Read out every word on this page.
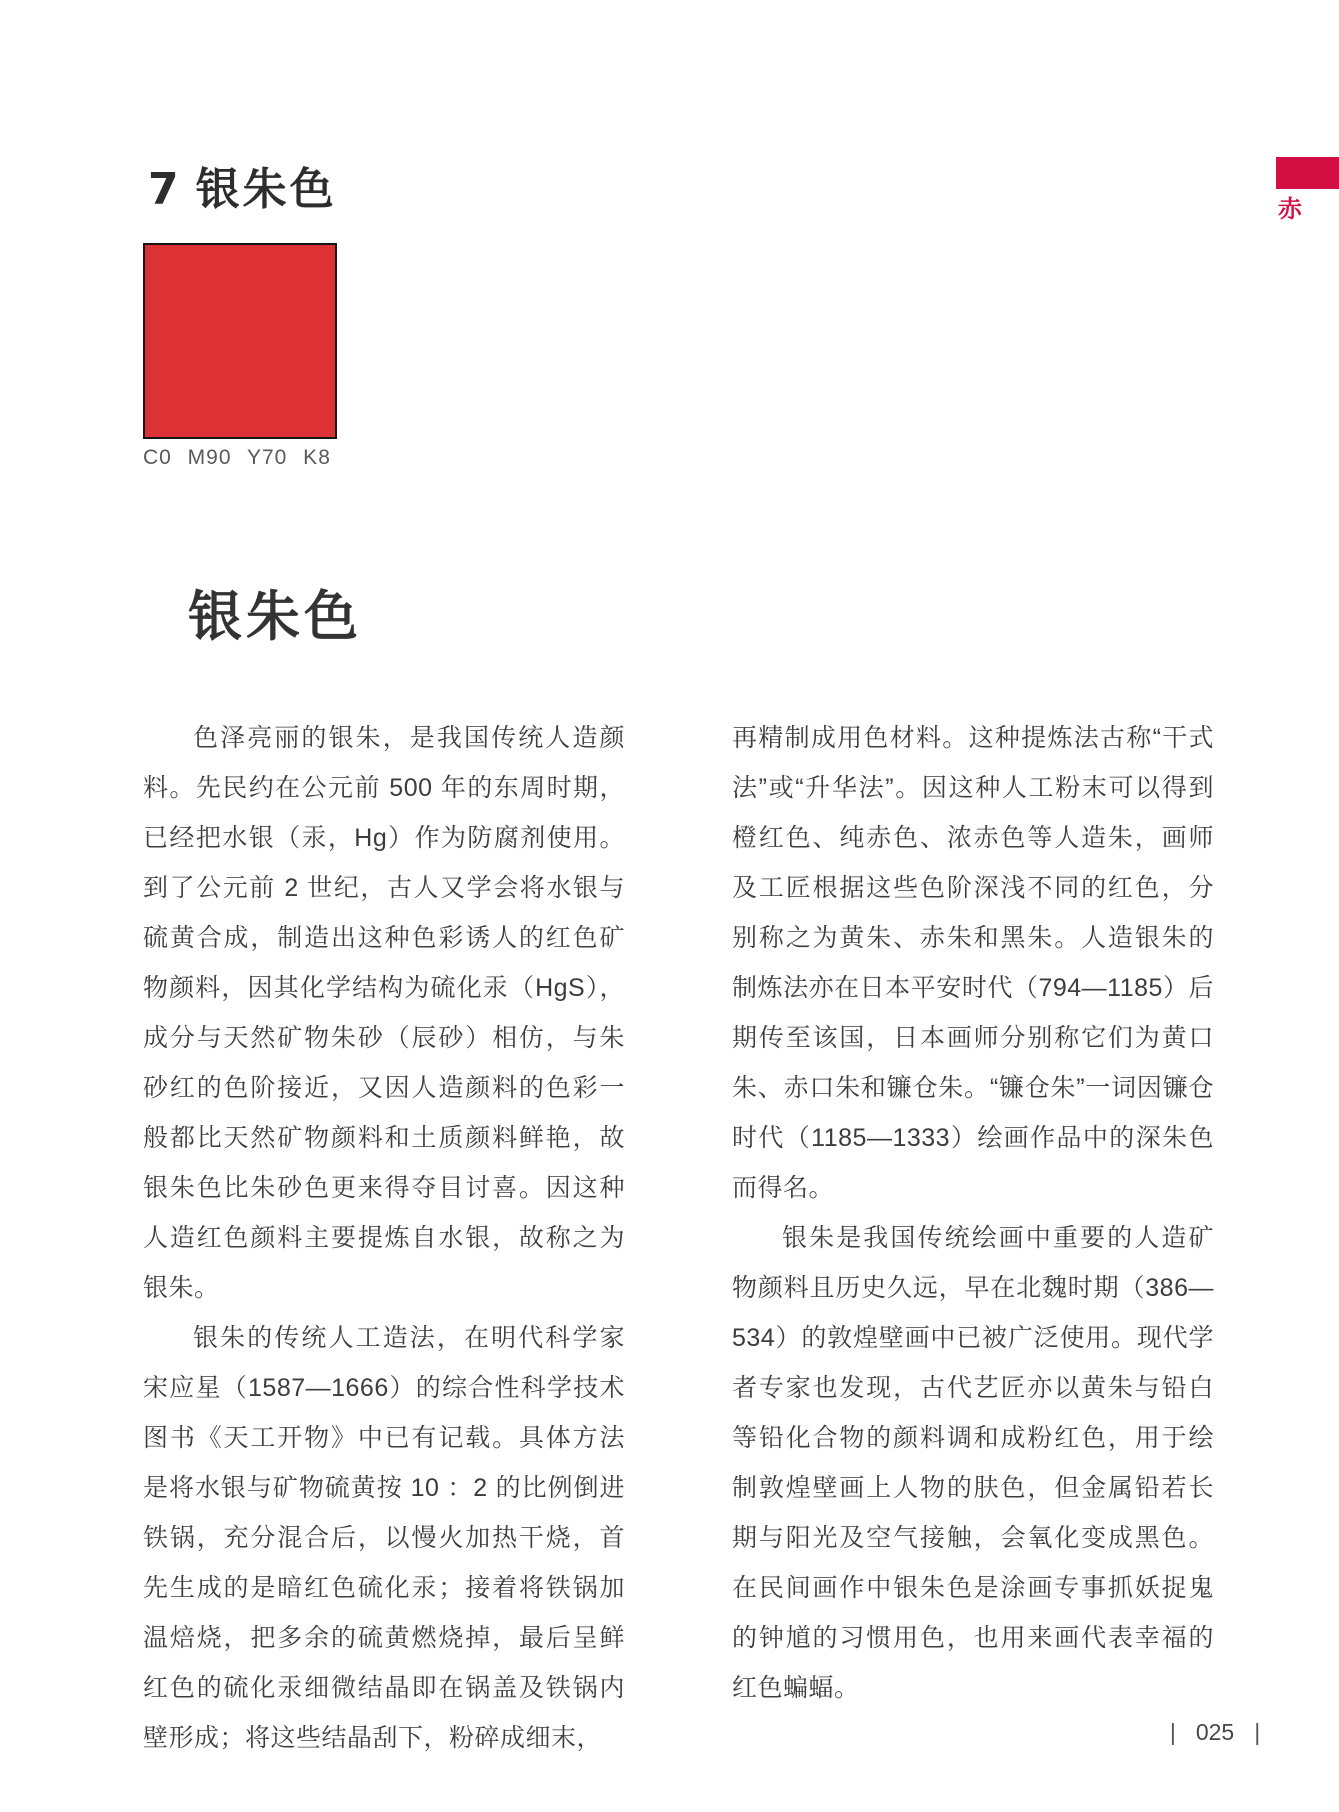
7 银朱色	赤
C0 M90 Y70 K8
银朱色

色泽亮丽的银朱，是我国传统人造颜料。先民约在公元前 500 年的东周时期，已经把水银（汞，Hg）作为防腐剂使用。到了公元前 2 世纪，古人又学会将水银与硫黄合成，制造出这种色彩诱人的红色矿物颜料，因其化学结构为硫化汞（HgS），成分与天然矿物朱砂（辰砂）相仿，与朱砂红的色阶接近，又因人造颜料的色彩一般都比天然矿物颜料和土质颜料鲜艳，故银朱色比朱砂色更来得夺目讨喜。因这种人造红色颜料主要提炼自水银，故称之为银朱。

银朱的传统人工造法，在明代科学家宋应星（1587—1666）的综合性科学技术图书《天工开物》中已有记载。具体方法是将水银与矿物硫黄按 10 ：2 的比例倒进铁锅，充分混合后，以慢火加热干烧，首先生成的是暗红色硫化汞；接着将铁锅加温焙烧，把多余的硫黄燃烧掉，最后呈鲜红色的硫化汞细微结晶即在锅盖及铁锅内壁形成；将这些结晶刮下，粉碎成细末，

再精制成用色材料。这种提炼法古称“干式法”或“升华法”。因这种人工粉末可以得到橙红色、纯赤色、浓赤色等人造朱，画师及工匠根据这些色阶深浅不同的红色，分别称之为黄朱、赤朱和黑朱。人造银朱的制炼法亦在日本平安时代（794—1185）后期传至该国，日本画师分别称它们为黄口朱、赤口朱和镰仓朱。“镰仓朱”一词因镰仓时代（1185—1333）绘画作品中的深朱色而得名。

银朱是我国传统绘画中重要的人造矿物颜料且历史久远，早在北魏时期（386—534）的敦煌壁画中已被广泛使用。现代学者专家也发现，古代艺匠亦以黄朱与铅白等铅化合物的颜料调和成粉红色，用于绘制敦煌壁画上人物的肤色，但金属铅若长期与阳光及空气接触，会氧化变成黑色。在民间画作中银朱色是涂画专事抓妖捉鬼的钟馗的习惯用色，也用来画代表幸福的红色蝙蝠。

| 025 |
